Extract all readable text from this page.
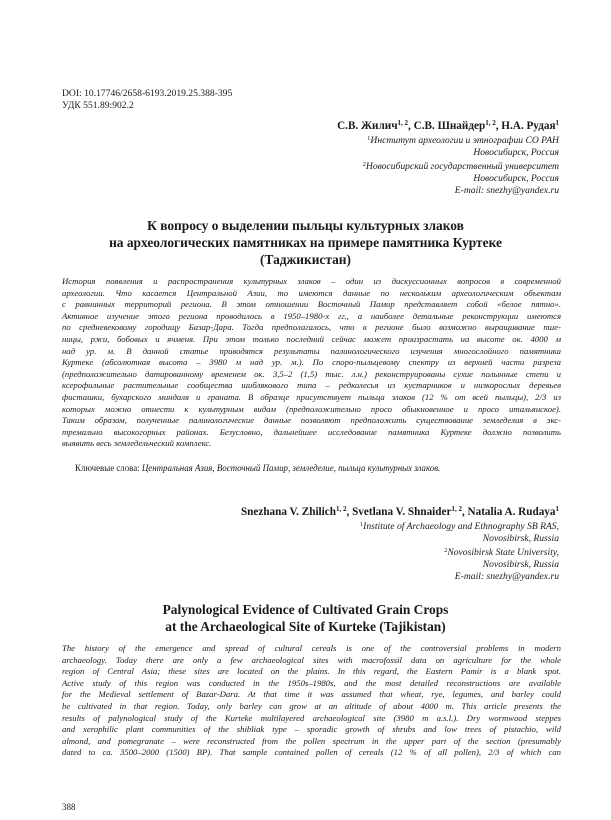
DOI: 10.17746/2658-6193.2019.25.388-395
УДК 551.89:902.2
С.В. Жилич$^{1, 2}$, С.В. Шнайдер$^{1, 2}$, Н.А. Рудая$^1$
$^1$Институт археологии и этнографии СО РАН
Новосибирск, Россия
$^2$Новосибирский государственный университет
Новосибирск, Россия
E-mail: snezhy@yandex.ru
К вопросу о выделении пыльцы культурных злаков
на археологических памятниках на примере памятника Куртеке
(Таджикистан)
История появления и распространения культурных злаков – один из дискуссионных вопросов в современной
археологии. Что касается Центральной Азии, то имеются данные по нескольким археологическим объектам
с равнинных территорий региона. В этом отношении Восточный Памир представляет собой «белое пятно».
Активное изучение этого региона проводилось в 1950–1980-х гг., а наиболее детальные реконструкции имеются
по средневековому городищу Базар-Дара. Тогда предполагалось, что в регионе было возможно выращивание пше-
ницы, ржи, бобовых и ячменя. При этом только последний сейчас может произрастать на высоте ок. 4000 м
над ур. м. В данной статье приводятся результаты палинологического изучения многослойного памятника
Куртеке (абсолютная высота – 3980 м над ур. м.). По споро-пыльцевому спектру из верхней части разреза
(предположительно датированному временем ок. 3,5–2 (1,5) тыс. л.н.) реконструированы сухие полынные степи и
ксерофильные растительные сообщества шиблякового типа – редколесья из кустарников и низкорослых деревьев
фисташки, бухарского миндаля и граната. В образце присутствует пыльца злаков (12 % от всей пыльцы), 2/3 из
которых можно отнести к культурным видам (предположительно просо обыкновенное и просо итальянское).
Таким образом, полученные палинологические данные позволяют предположить существование земледелия в экс-
тремально высокогорных районах. Безусловно, дальнейшее исследование памятника Куртеке должно позволить
выявить весь земледельческий комплекс.
Ключевые слова: Центральная Азия, Восточный Памир, земледелие, пыльца культурных злаков.
Snezhana V. Zhilich$^{1, 2}$, Svetlana V. Shnaider$^{1, 2}$, Natalia A. Rudaya$^1$
$^1$Institute of Archaeology and Ethnography SB RAS,
Novosibirsk, Russia
$^2$Novosibirsk State University,
Novosibirsk, Russia
E-mail: snezhy@yandex.ru
Palynological Evidence of Cultivated Grain Crops
at the Archaeological Site of Kurteke (Tajikistan)
The history of the emergence and spread of cultural cereals is one of the controversial problems in modern
archaeology. Today there are only a few archaeological sites with macrofossil data on agriculture for the whole
region of Central Asia; these sites are located on the plains. In this regard, the Eastern Pamir is a blank spot.
Active study of this region was conducted in the 1950s–1980s, and the most detailed reconstructions are available
for the Medieval settlement of Bazar-Dara. At that time it was assumed that wheat, rye, legumes, and barley could
be cultivated in that region. Today, only barley can grow at an altitude of about 4000 m. This article presents the
results of palynological study of the Kurteke multilayered archaeological site (3980 m a.s.l.). Dry wormwood steppes
and xerophilic plant communities of the shibliak type – sporadic growth of shrubs and low trees of pistachio, wild
almond, and pomegranate – were reconstructed from the pollen spectrum in the upper part of the section (presumably
dated to ca. 3500–2000 (1500) BP). That sample contained pollen of cereals (12 % of all pollen), 2/3 of which can
388
